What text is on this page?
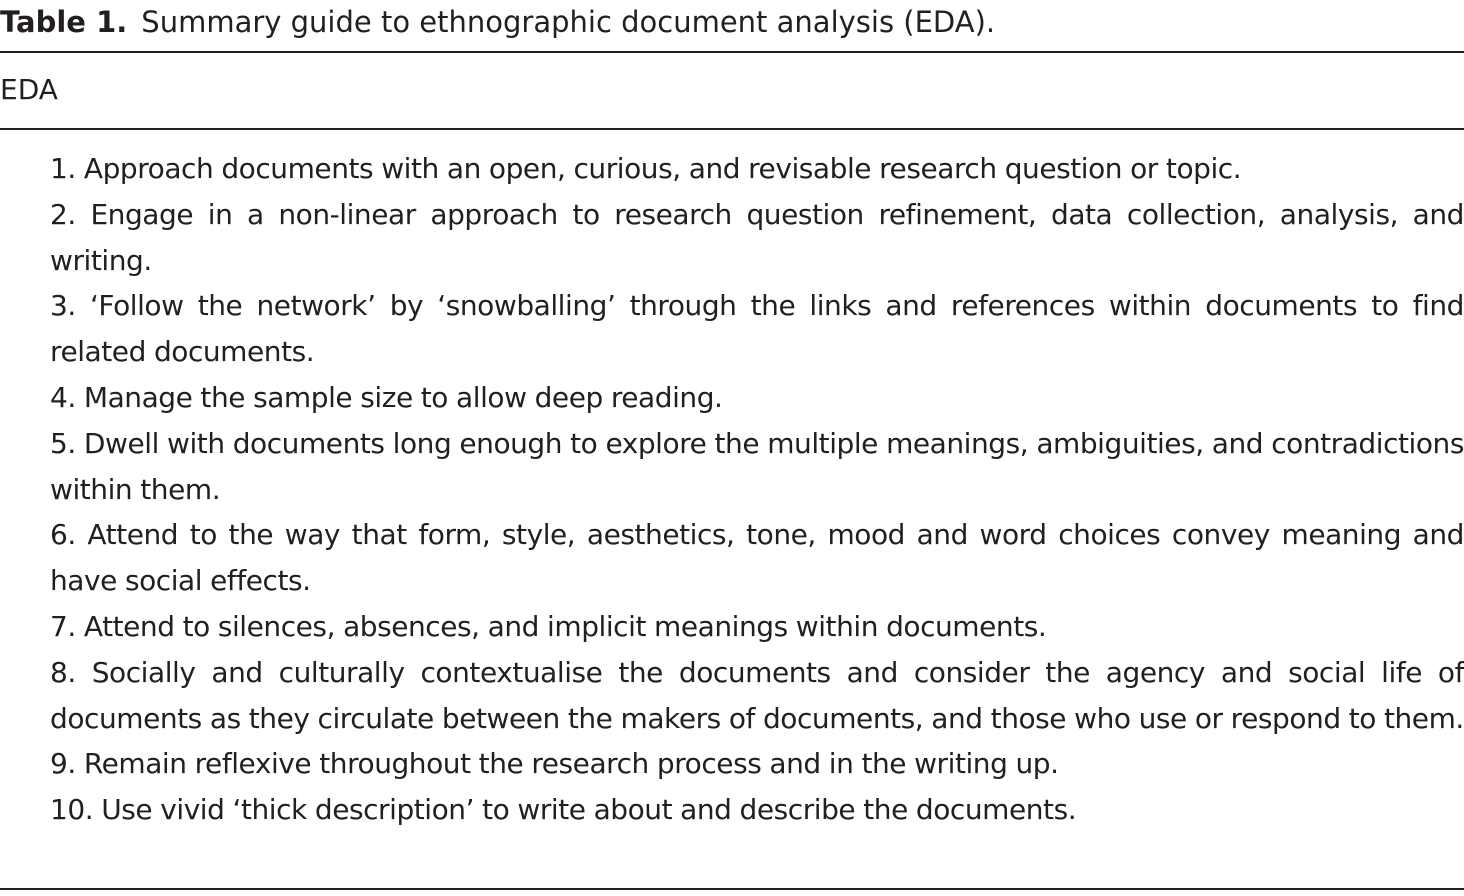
Table 1. Summary guide to ethnographic document analysis (EDA).
EDA
1. Approach documents with an open, curious, and revisable research question or topic.
2. Engage in a non-linear approach to research question refinement, data collection, analysis, and writing.
3. ‘Follow the network’ by ‘snowballing’ through the links and references within documents to find related documents.
4. Manage the sample size to allow deep reading.
5. Dwell with documents long enough to explore the multiple meanings, ambiguities, and contradictions within them.
6. Attend to the way that form, style, aesthetics, tone, mood and word choices convey meaning and have social effects.
7. Attend to silences, absences, and implicit meanings within documents.
8. Socially and culturally contextualise the documents and consider the agency and social life of documents as they circulate between the makers of documents, and those who use or respond to them.
9. Remain reflexive throughout the research process and in the writing up.
10. Use vivid ‘thick description’ to write about and describe the documents.
